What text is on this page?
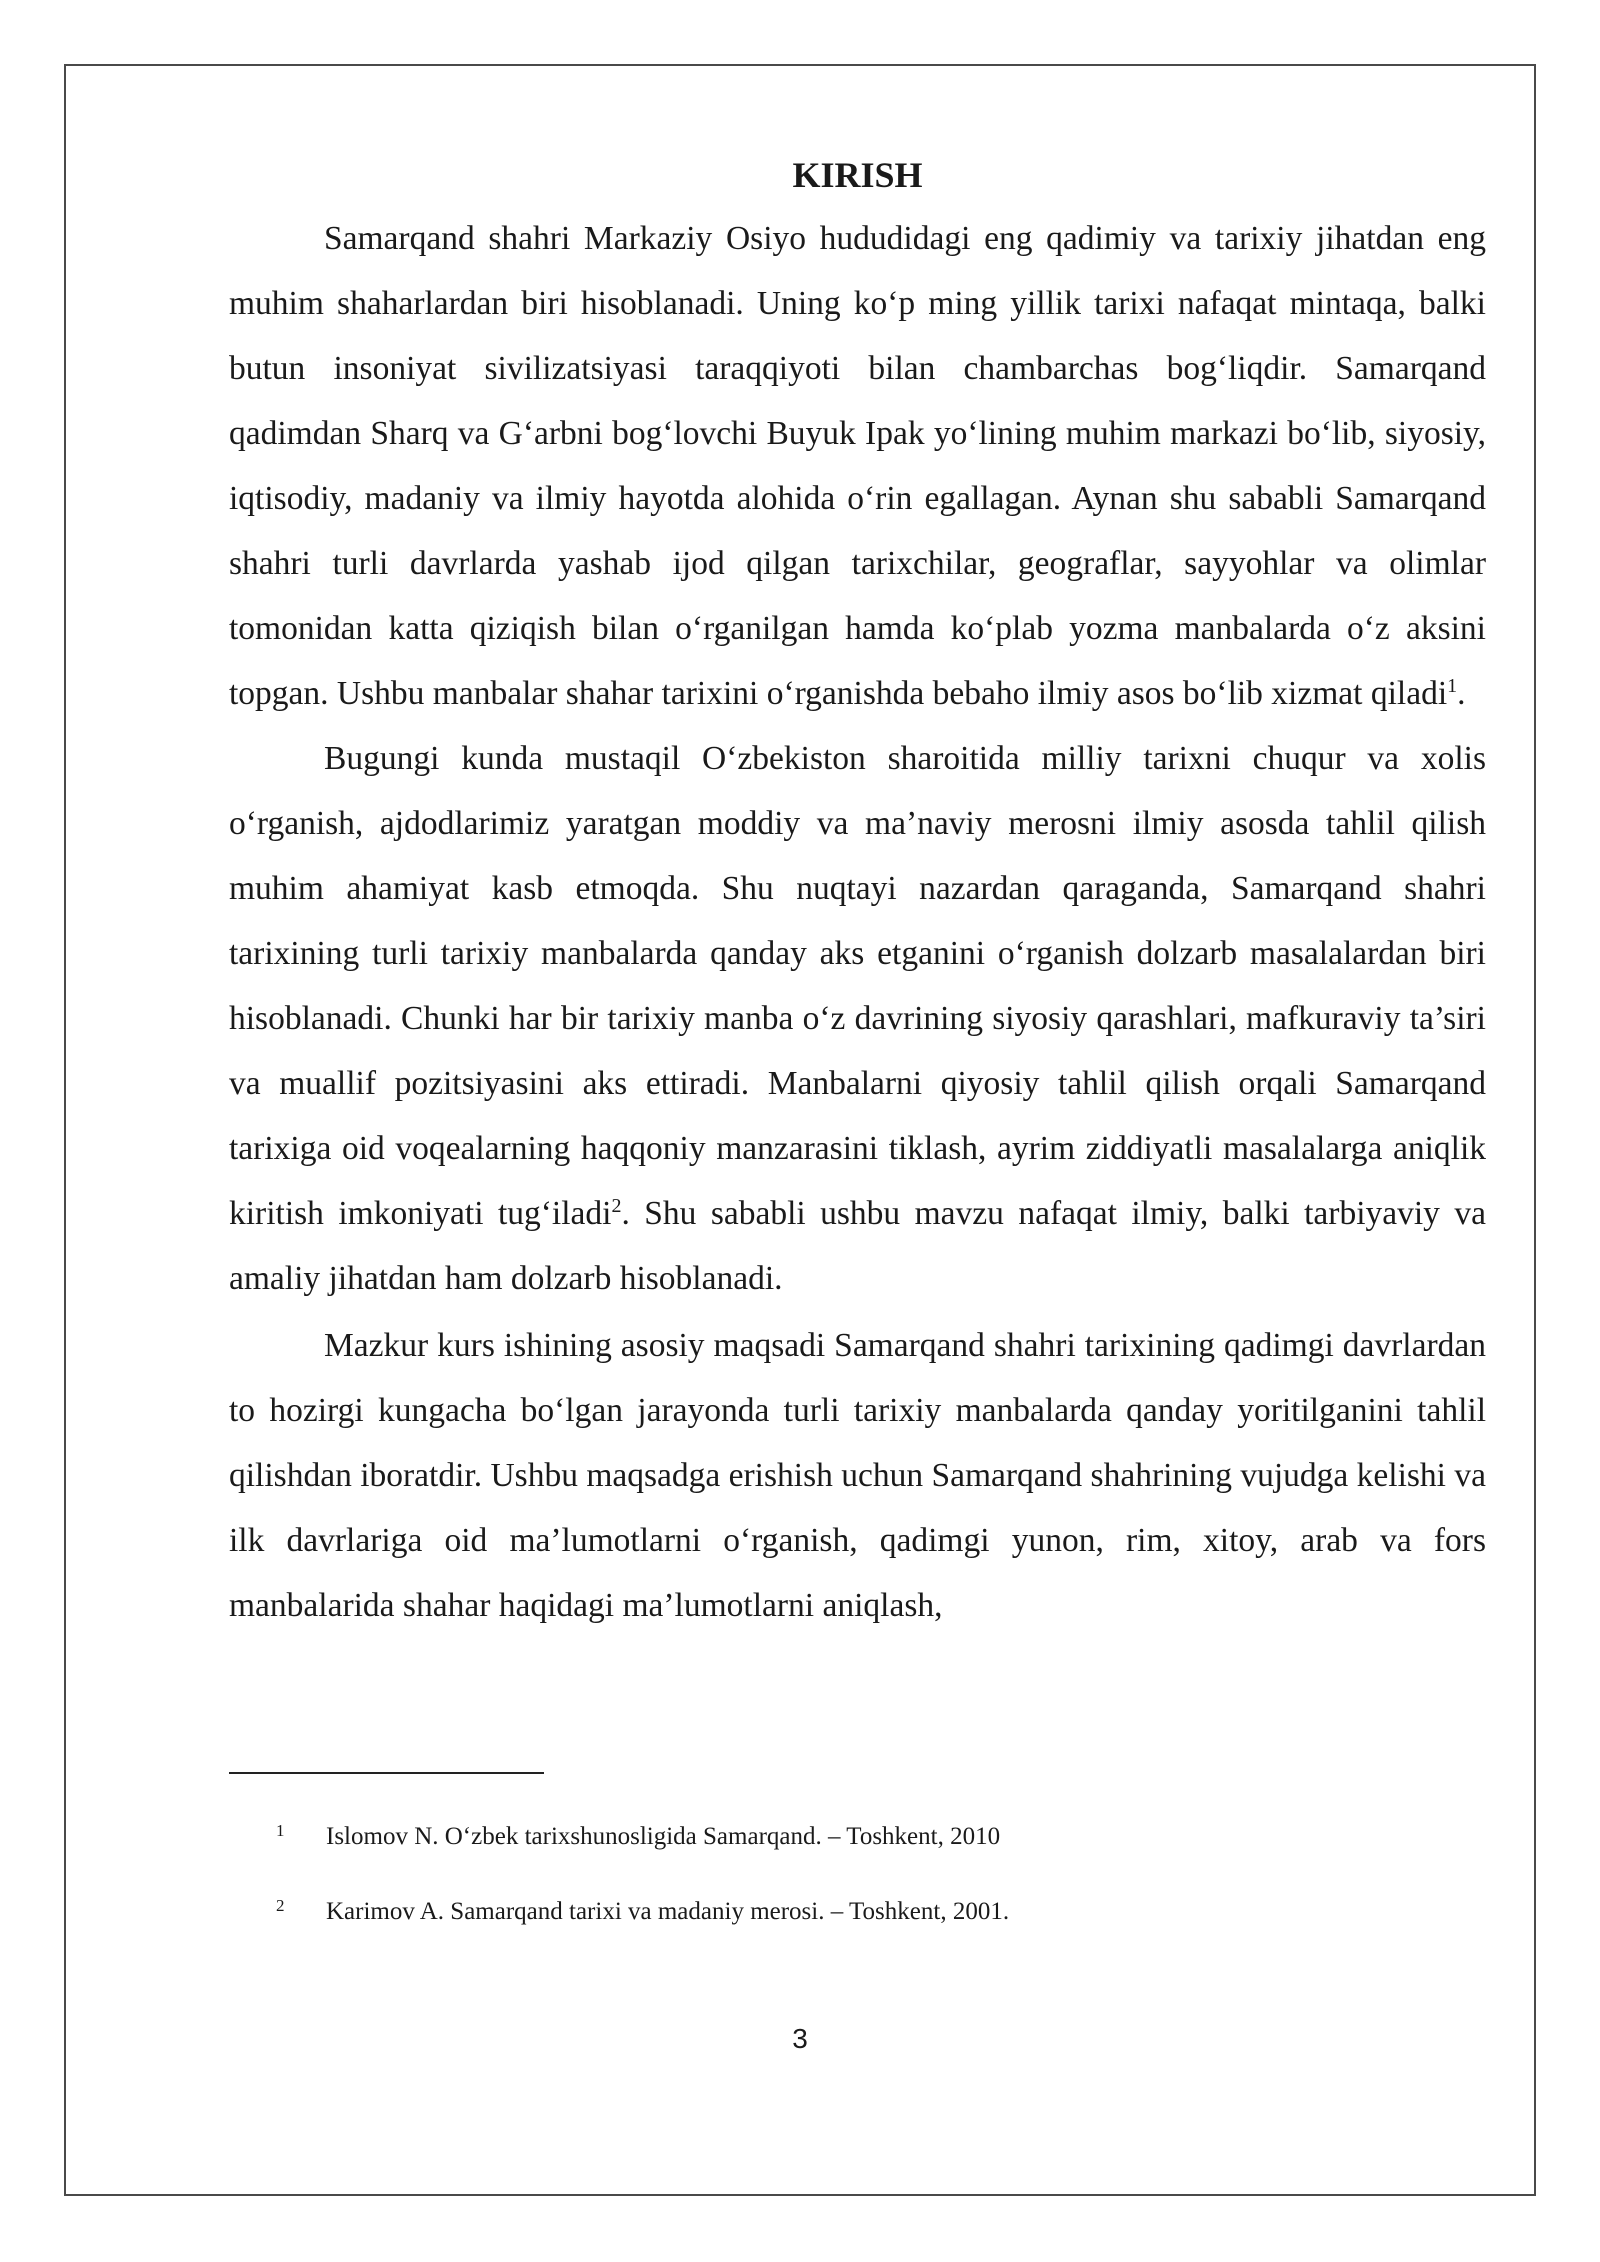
KIRISH

Samarqand shahri Markaziy Osiyo hududidagi eng qadimiy va tarixiy jihatdan eng muhim shaharlardan biri hisoblanadi. Uning ko‘p ming yillik tarixi nafaqat mintaqa, balki butun insoniyat sivilizatsiyasi taraqqiyoti bilan chambarchas bog‘liqdir. Samarqand qadimdan Sharq va G‘arbni bog‘lovchi Buyuk Ipak yo‘lining muhim markazi bo‘lib, siyosiy, iqtisodiy, madaniy va ilmiy hayotda alohida o‘rin egallagan. Aynan shu sababli Samarqand shahri turli davrlarda yashab ijod qilgan tarixchilar, geograflar, sayyohlar va olimlar tomonidan katta qiziqish bilan o‘rganilgan hamda ko‘plab yozma manbalarda o‘z aksini topgan. Ushbu manbalar shahar tarixini o‘rganishda bebaho ilmiy asos bo‘lib xizmat qiladi$^1$.

Bugungi kunda mustaqil O‘zbekiston sharoitida milliy tarixni chuqur va xolis o‘rganish, ajdodlarimiz yaratgan moddiy va ma’naviy merosni ilmiy asosda tahlil qilish muhim ahamiyat kasb etmoqda. Shu nuqtayi nazardan qaraganda, Samarqand shahri tarixining turli tarixiy manbalarda qanday aks etganini o‘rganish dolzarb masalalardan biri hisoblanadi. Chunki har bir tarixiy manba o‘z davrining siyosiy qarashlari, mafkuraviy ta’siri va muallif pozitsiyasini aks ettiradi. Manbalarni qiyosiy tahlil qilish orqali Samarqand tarixiga oid voqealarning haqqoniy manzarasini tiklash, ayrim ziddiyatli masalalarga aniqlik kiritish imkoniyati tug‘iladi$^2$. Shu sababli ushbu mavzu nafaqat ilmiy, balki tarbiyaviy va amaliy jihatdan ham dolzarb hisoblanadi.

Mazkur kurs ishining asosiy maqsadi Samarqand shahri tarixining qadimgi davrlardan to hozirgi kungacha bo‘lgan jarayonda turli tarixiy manbalarda qanday yoritilganini tahlil qilishdan iboratdir. Ushbu maqsadga erishish uchun Samarqand shahrining vujudga kelishi va ilk davrlariga oid ma’lumotlarni o‘rganish, qadimgi yunon, rim, xitoy, arab va fors manbalarida shahar haqidagi ma’lumotlarni aniqlash,

1 Islomov N. O‘zbek tarixshunosligida Samarqand. – Toshkent, 2010
2 Karimov A. Samarqand tarixi va madaniy merosi. – Toshkent, 2001.
3
